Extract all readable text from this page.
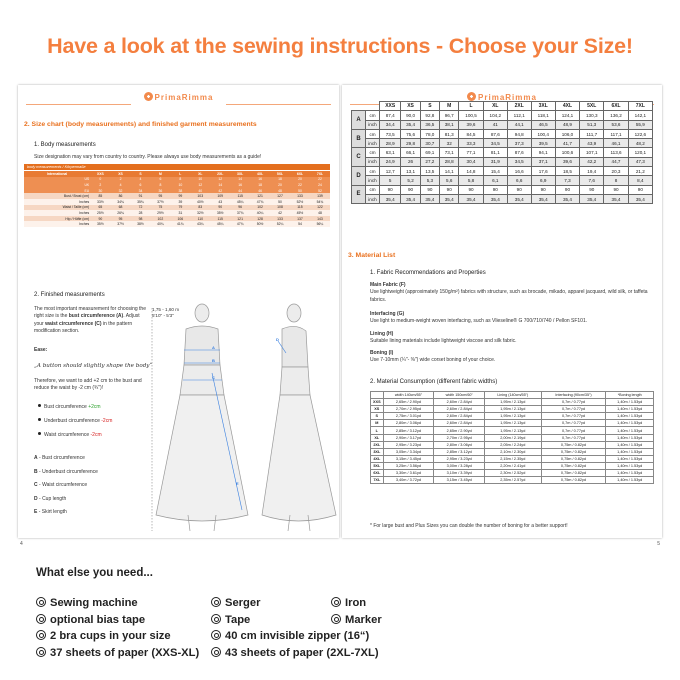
Have a look at the sewing instructions - Choose your Size!
PrimaRimma
2. Size chart (body measurements) and finished garment measurements
1. Body measurements
Size designation may vary from country to country. Please always use body measurements as a guide!
body measurements / Körpermaße
International	XXS	XS	S	M	L	XL	2XL	3XL	4XL	5XL	6XL	7XL
US	0	2	4	6	8	10	12	14	16	18	20	22
UK	2	4	6	8	10	12	14	16	18	20	22	24
EU	30	32	34	36	38	40	42	44	46	48	50	52
Bust / Brust (cm)	85	86	91	95	99	103	109	115	121	127	133	139
Inches	33½	34¾	35¾	37½	39	40½	43	45¼	47¾	50	52½	54¾
Waist / Taille (cm)	65	68	72	75	79	83	90	96	102	108	115	122
Inches	25½	26¾	28	29½	31	32½	35½	37¾	40¼	42	45½	48
Hip / Hüfte (cm)	90	95	98	102	106	110	115	121	128	133	137	143
Inches	35½	37½	38½	40¼	41¾	43¼	45¼	47¾	50½	52¼	54	56¼
2. Finished measurements
The most important measurement for choosing the right size is the bust circumference (A). Adjust your waist circumference (C) in the pattern modification section.
Ease:
„A button should slightly shape the body“
Therefore, we want to add +2 cm to the bust and reduce the waist by -2 cm (¾")!
Bust circumference +2cm
Underbust circumference -2cm
Waist circumference -2cm
A - Bust circumference
B - Underbust circumference
C - Waist circumference
D - Cup length
E - Skirt length
1,75 - 1,60 m
5'10" - 5'3"
A
B
C
E
D
4
PrimaRimma
		XXS	XS	S	M	L	XL	2XL	3XL	4XL	5XL	6XL	7XL
A	cm	87,4	90,0	92,8	96,7	100,5	104,2	112,1	118,1	124,1	130,3	136,2	142,1
	inch	34,4	35,4	36,5	38,1	39,6	41	44,1	46,5	48,9	51,3	53,6	55,9
B	cm	73,5	75,6	78,0	81,3	84,5	87,6	94,8	100,4	106,0	111,7	117,1	122,6
	inch	28,9	29,8	30,7	32	33,3	34,5	37,3	39,5	41,7	43,9	46,1	48,2
C	cm	63,1	66,1	69,1	73,1	77,1	81,1	87,6	94,1	100,6	107,1	113,6	120,1
	inch	24,9	26	27,2	28,8	30,4	31,9	34,5	37,1	39,6	42,2	44,7	47,3
D	cm	12,7	13,1	13,5	14,1	14,8	15,4	16,6	17,6	18,5	19,4	20,3	21,2
	inch	5	5,2	5,3	5,6	5,8	6,1	6,6	6,9	7,3	7,6	8	8,4
E	cm	90	90	90	90	90	90	90	90	90	90	90	90
	inch	35,4	35,4	35,4	35,4	35,4	35,4	35,4	35,4	35,4	35,4	35,4	35,4
3. Material List
1. Fabric Recommendations and Properties
Main Fabric (F)
Use lightweight (approximately 150g/m²) fabrics with structure, such as brocade, mikado, apparel jacquard, wild silk, or taffeta fabrics.
Interfacing (G)
Use light to medium-weight woven interfacing, such as Vlieseline® G 700/710/740 / Pellon SF101.
Lining (H)
Suitable lining materials include lightweight viscose and silk fabric.
Boning (I)
Use 7-10mm (¼"- ⅜") wide corset boning of your choice.
2. Material Consumption (different fabric widths)
	width 140cm/55"	width 150cm/60"	Lining (140cm/55")	Interfacing (90cm/35")	*Boning length
XXS	2,65m / 2.90yd	2,60m / 2.84yd	1,95m / 2.13yd	0,7m / 0.77yd	1,40m / 1.53yd
XS	2,70m / 2.95yd	2,60m / 2.84yd	1,95m / 2.13yd	0,7m / 0.77yd	1,40m / 1.53yd
S	2,75m / 3.01yd	2,60m / 2.84yd	1,95m / 2.13yd	0,7m / 0.77yd	1,40m / 1.53yd
M	2,80m / 3.06yd	2,60m / 2.84yd	1,95m / 2.13yd	0,7m / 0.77yd	1,40m / 1.53yd
L	2,85m / 3.12yd	2,65m / 2.90yd	1,95m / 2.13yd	0,7m / 0.77yd	1,40m / 1.53yd
XL	2,90m / 3.17yd	2,70m / 2.95yd	2,00m / 2.19yd	0,7m / 0.77yd	1,40m / 1.53yd
2XL	2,95m / 3.23yd	2,80m / 3.06yd	2,05m / 2.24yd	0,75m / 0.82yd	1,40m / 1.53yd
3XL	3,05m / 3.34yd	2,85m / 3.12yd	2,10m / 2.30yd	0,75m / 0.82yd	1,40m / 1.53yd
4XL	3,15m / 3.45yd	2,95m / 3.23yd	2,15m / 2.35yd	0,75m / 0.82yd	1,40m / 1.53yd
5XL	3,25m / 3.56yd	3,00m / 3.28yd	2,20m / 2.41yd	0,75m / 0.82yd	1,40m / 1.53yd
6XL	3,30m / 3.61yd	3,10m / 3.39yd	2,30m / 2.52yd	0,75m / 0.82yd	1,40m / 1.53yd
7XL	3,40m / 3.72yd	3,15m / 3.45yd	2,35m / 2.57yd	0,75m / 0.82yd	1,40m / 1.53yd
* For large bust and Plus Sizes you can double the number of boning for a better support!
5
What else you need...
Sewing machine	Serger	Iron
optional bias tape	Tape	Marker
2 bra cups in your size	40 cm invisible zipper (16“)
37 sheets of paper (XXS-XL)	43 sheets of paper (2XL-7XL)
